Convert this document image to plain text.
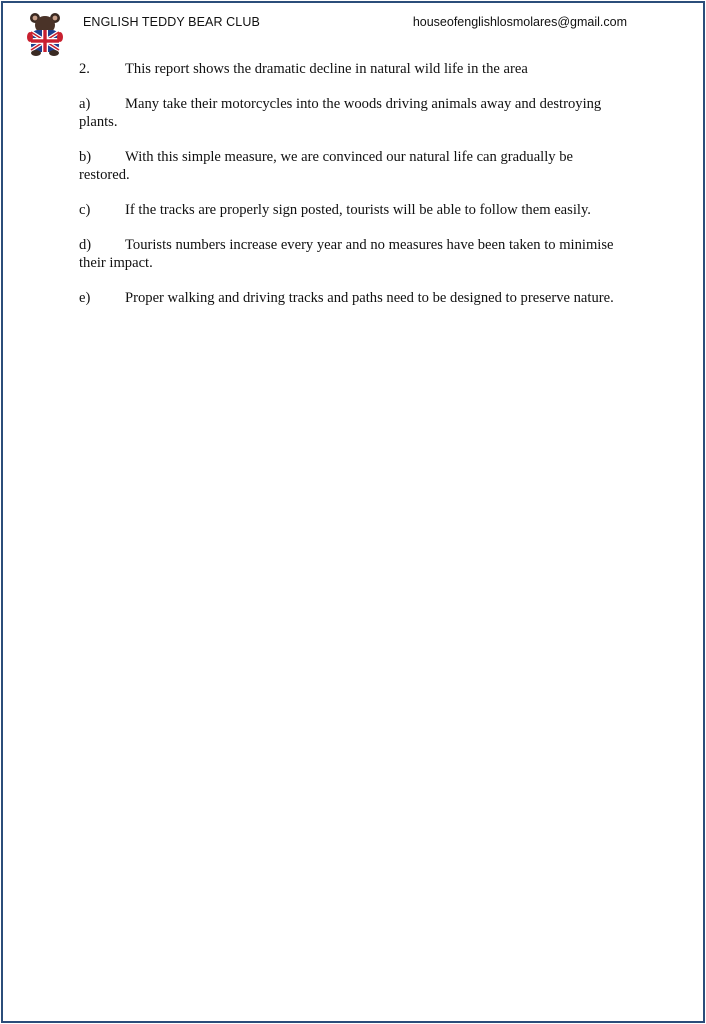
ENGLISH TEDDY BEAR CLUB	houseofenglishlosmolares@gmail.com

2. This report shows the dramatic decline in natural wild life in the area

a) Many take their motorcycles into the woods driving animals away and destroying plants.

b) With this simple measure, we are convinced our natural life can gradually be restored.

c) If the tracks are properly sign posted, tourists will be able to follow them easily.

d) Tourists numbers increase every year and no measures have been taken to minimise their impact.

e) Proper walking and driving tracks and paths need to be designed to preserve nature.
